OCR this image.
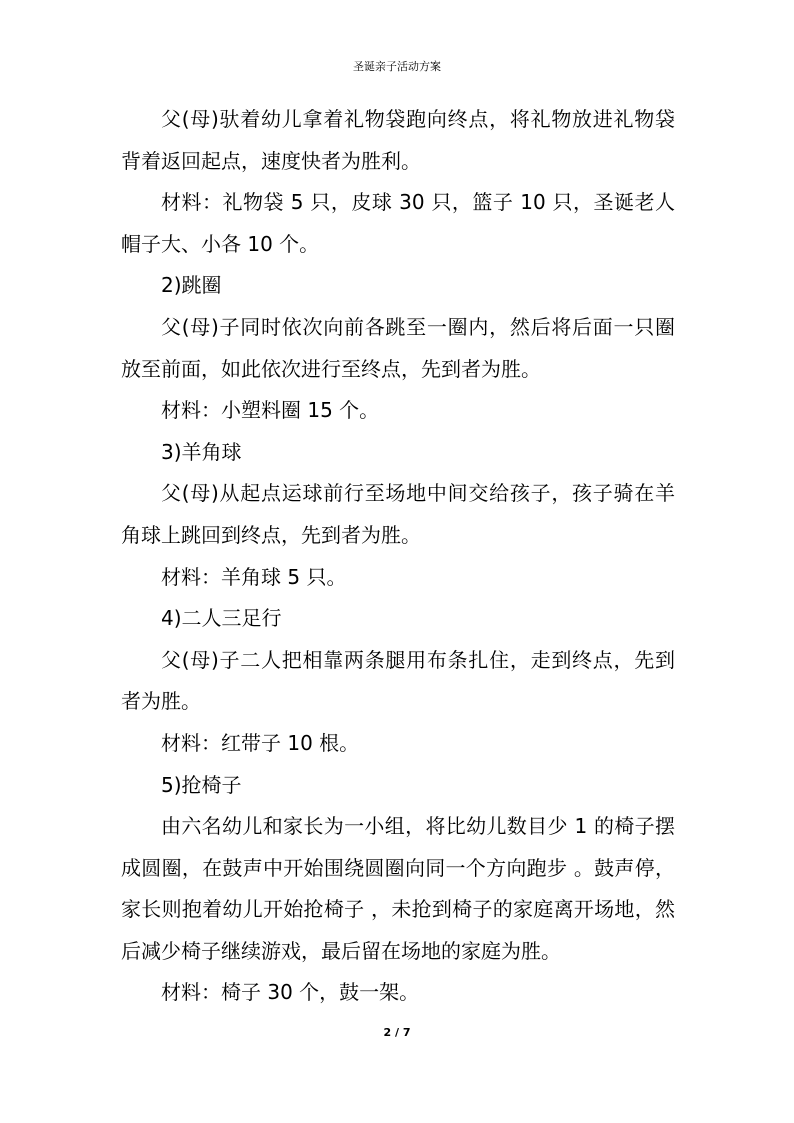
圣诞亲子活动方案

父(母)驮着幼儿拿着礼物袋跑向终点，将礼物放进礼物袋背着返回起点，速度快者为胜利。

材料：礼物袋 5 只，皮球 30 只，篮子 10 只，圣诞老人帽子大、小各 10 个。

2)跳圈

父(母)子同时依次向前各跳至一圈内，然后将后面一只圈放至前面，如此依次进行至终点，先到者为胜。

材料：小塑料圈 15 个。

3)羊角球

父(母)从起点运球前行至场地中间交给孩子，孩子骑在羊角球上跳回到终点，先到者为胜。

材料：羊角球 5 只。

4)二人三足行

父(母)子二人把相靠两条腿用布条扎住，走到终点，先到者为胜。

材料：红带子 10 根。

5)抢椅子

由六名幼儿和家长为一小组，将比幼儿数目少 1 的椅子摆成圆圈，在鼓声中开始围绕圆圈向同一个方向跑步 。鼓声停，家长则抱着幼儿开始抢椅子 ，未抢到椅子的家庭离开场地，然后减少椅子继续游戏，最后留在场地的家庭为胜。

材料：椅子 30 个，鼓一架。

2 / 7
